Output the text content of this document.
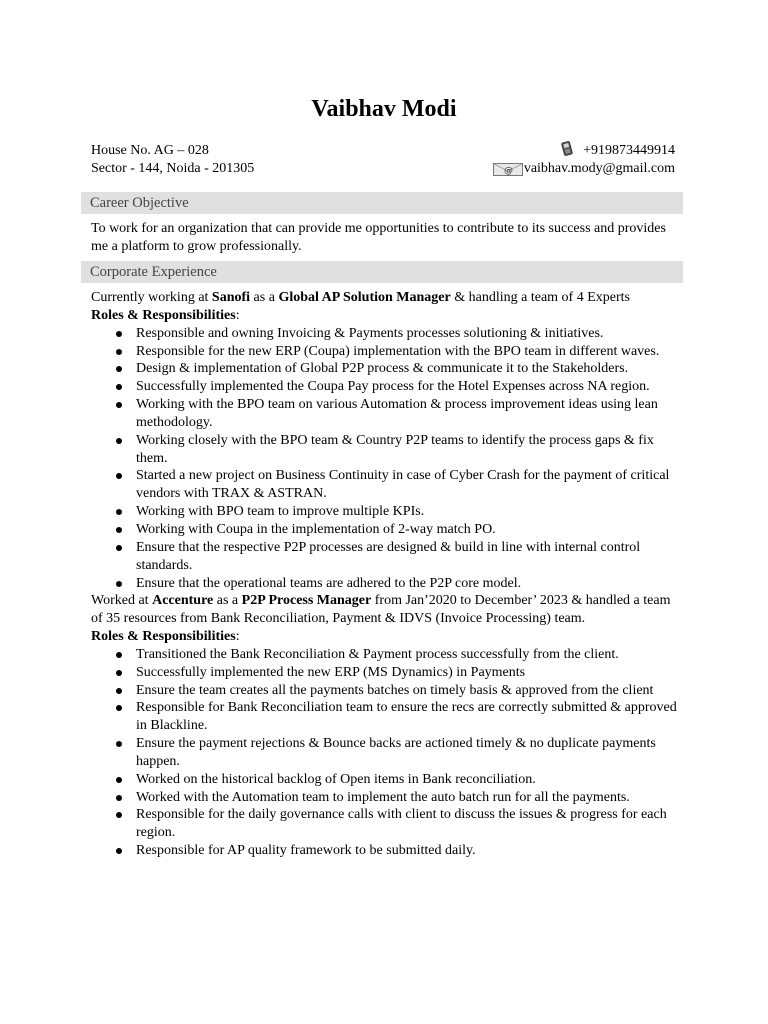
Vaibhav Modi
House No. AG – 028
Sector - 144, Noida - 201305
+919873449914
@ vaibhav.mody@gmail.com
Career Objective
To work for an organization that can provide me opportunities to contribute to its success and provides me a platform to grow professionally.
Corporate Experience

Currently working at Sanofi as a Global AP Solution Manager & handling a team of 4 Experts

Roles & Responsibilities:

Responsible and owning Invoicing & Payments processes solutioning & initiatives.
Responsible for the new ERP (Coupa) implementation with the BPO team in different waves.
Design & implementation of Global P2P process & communicate it to the Stakeholders.
Successfully implemented the Coupa Pay process for the Hotel Expenses across NA region.
Working with the BPO team on various Automation & process improvement ideas using lean methodology.
Working closely with the BPO team & Country P2P teams to identify the process gaps & fix them.
Started a new project on Business Continuity in case of Cyber Crash for the payment of critical vendors with TRAX & ASTRAN.
Working with BPO team to improve multiple KPIs.
Working with Coupa in the implementation of 2-way match PO.
Ensure that the respective P2P processes are designed & build in line with internal control standards.
Ensure that the operational teams are adhered to the P2P core model.

Worked at Accenture as a P2P Process Manager from Jan’2020 to December’ 2023 & handled a team of 35 resources from Bank Reconciliation, Payment & IDVS (Invoice Processing) team.

Roles & Responsibilities:

Transitioned the Bank Reconciliation & Payment process successfully from the client.
Successfully implemented the new ERP (MS Dynamics) in Payments
Ensure the team creates all the payments batches on timely basis & approved from the client
Responsible for Bank Reconciliation team to ensure the recs are correctly submitted & approved in Blackline.
Ensure the payment rejections & Bounce backs are actioned timely & no duplicate payments happen.
Worked on the historical backlog of Open items in Bank reconciliation.
Worked with the Automation team to implement the auto batch run for all the payments.
Responsible for the daily governance calls with client to discuss the issues & progress for each region.
Responsible for AP quality framework to be submitted daily.
